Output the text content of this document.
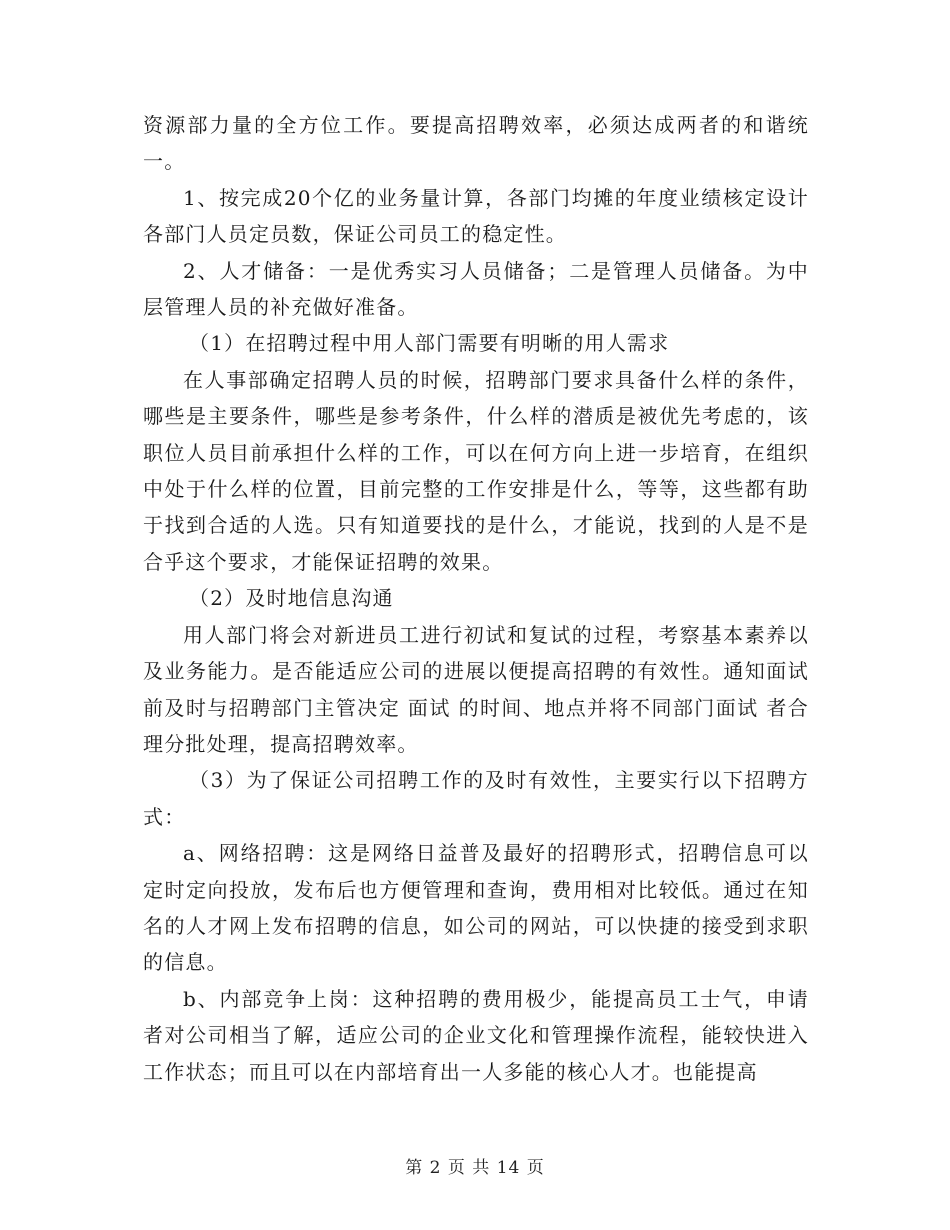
资源部力量的全方位工作。要提高招聘效率，必须达成两者的和谐统一。

1、按完成20个亿的业务量计算，各部门均摊的年度业绩核定设计各部门人员定员数，保证公司员工的稳定性。

2、人才储备：一是优秀实习人员储备；二是管理人员储备。为中层管理人员的补充做好准备。

（1）在招聘过程中用人部门需要有明晰的用人需求

在人事部确定招聘人员的时候，招聘部门要求具备什么样的条件，哪些是主要条件，哪些是参考条件，什么样的潜质是被优先考虑的，该职位人员目前承担什么样的工作，可以在何方向上进一步培育，在组织中处于什么样的位置，目前完整的工作安排是什么，等等，这些都有助于找到合适的人选。只有知道要找的是什么，才能说，找到的人是不是合乎这个要求，才能保证招聘的效果。

（2）及时地信息沟通

用人部门将会对新进员工进行初试和复试的过程，考察基本素养以及业务能力。是否能适应公司的进展以便提高招聘的有效性。通知面试 前及时与招聘部门主管决定 面试 的时间、地点并将不同部门面试 者合理分批处理，提高招聘效率。

（3）为了保证公司招聘工作的及时有效性，主要实行以下招聘方式：

a、网络招聘：这是网络日益普及最好的招聘形式，招聘信息可以定时定向投放，发布后也方便管理和查询，费用相对比较低。通过在知名的人才网上发布招聘的信息，如公司的网站，可以快捷的接受到求职 的信息。

b、内部竞争上岗：这种招聘的费用极少，能提高员工士气，申请者对公司相当了解，适应公司的企业文化和管理操作流程，能较快进入工作状态；而且可以在内部培育出一人多能的核心人才。也能提高

第 2 页 共 14 页
